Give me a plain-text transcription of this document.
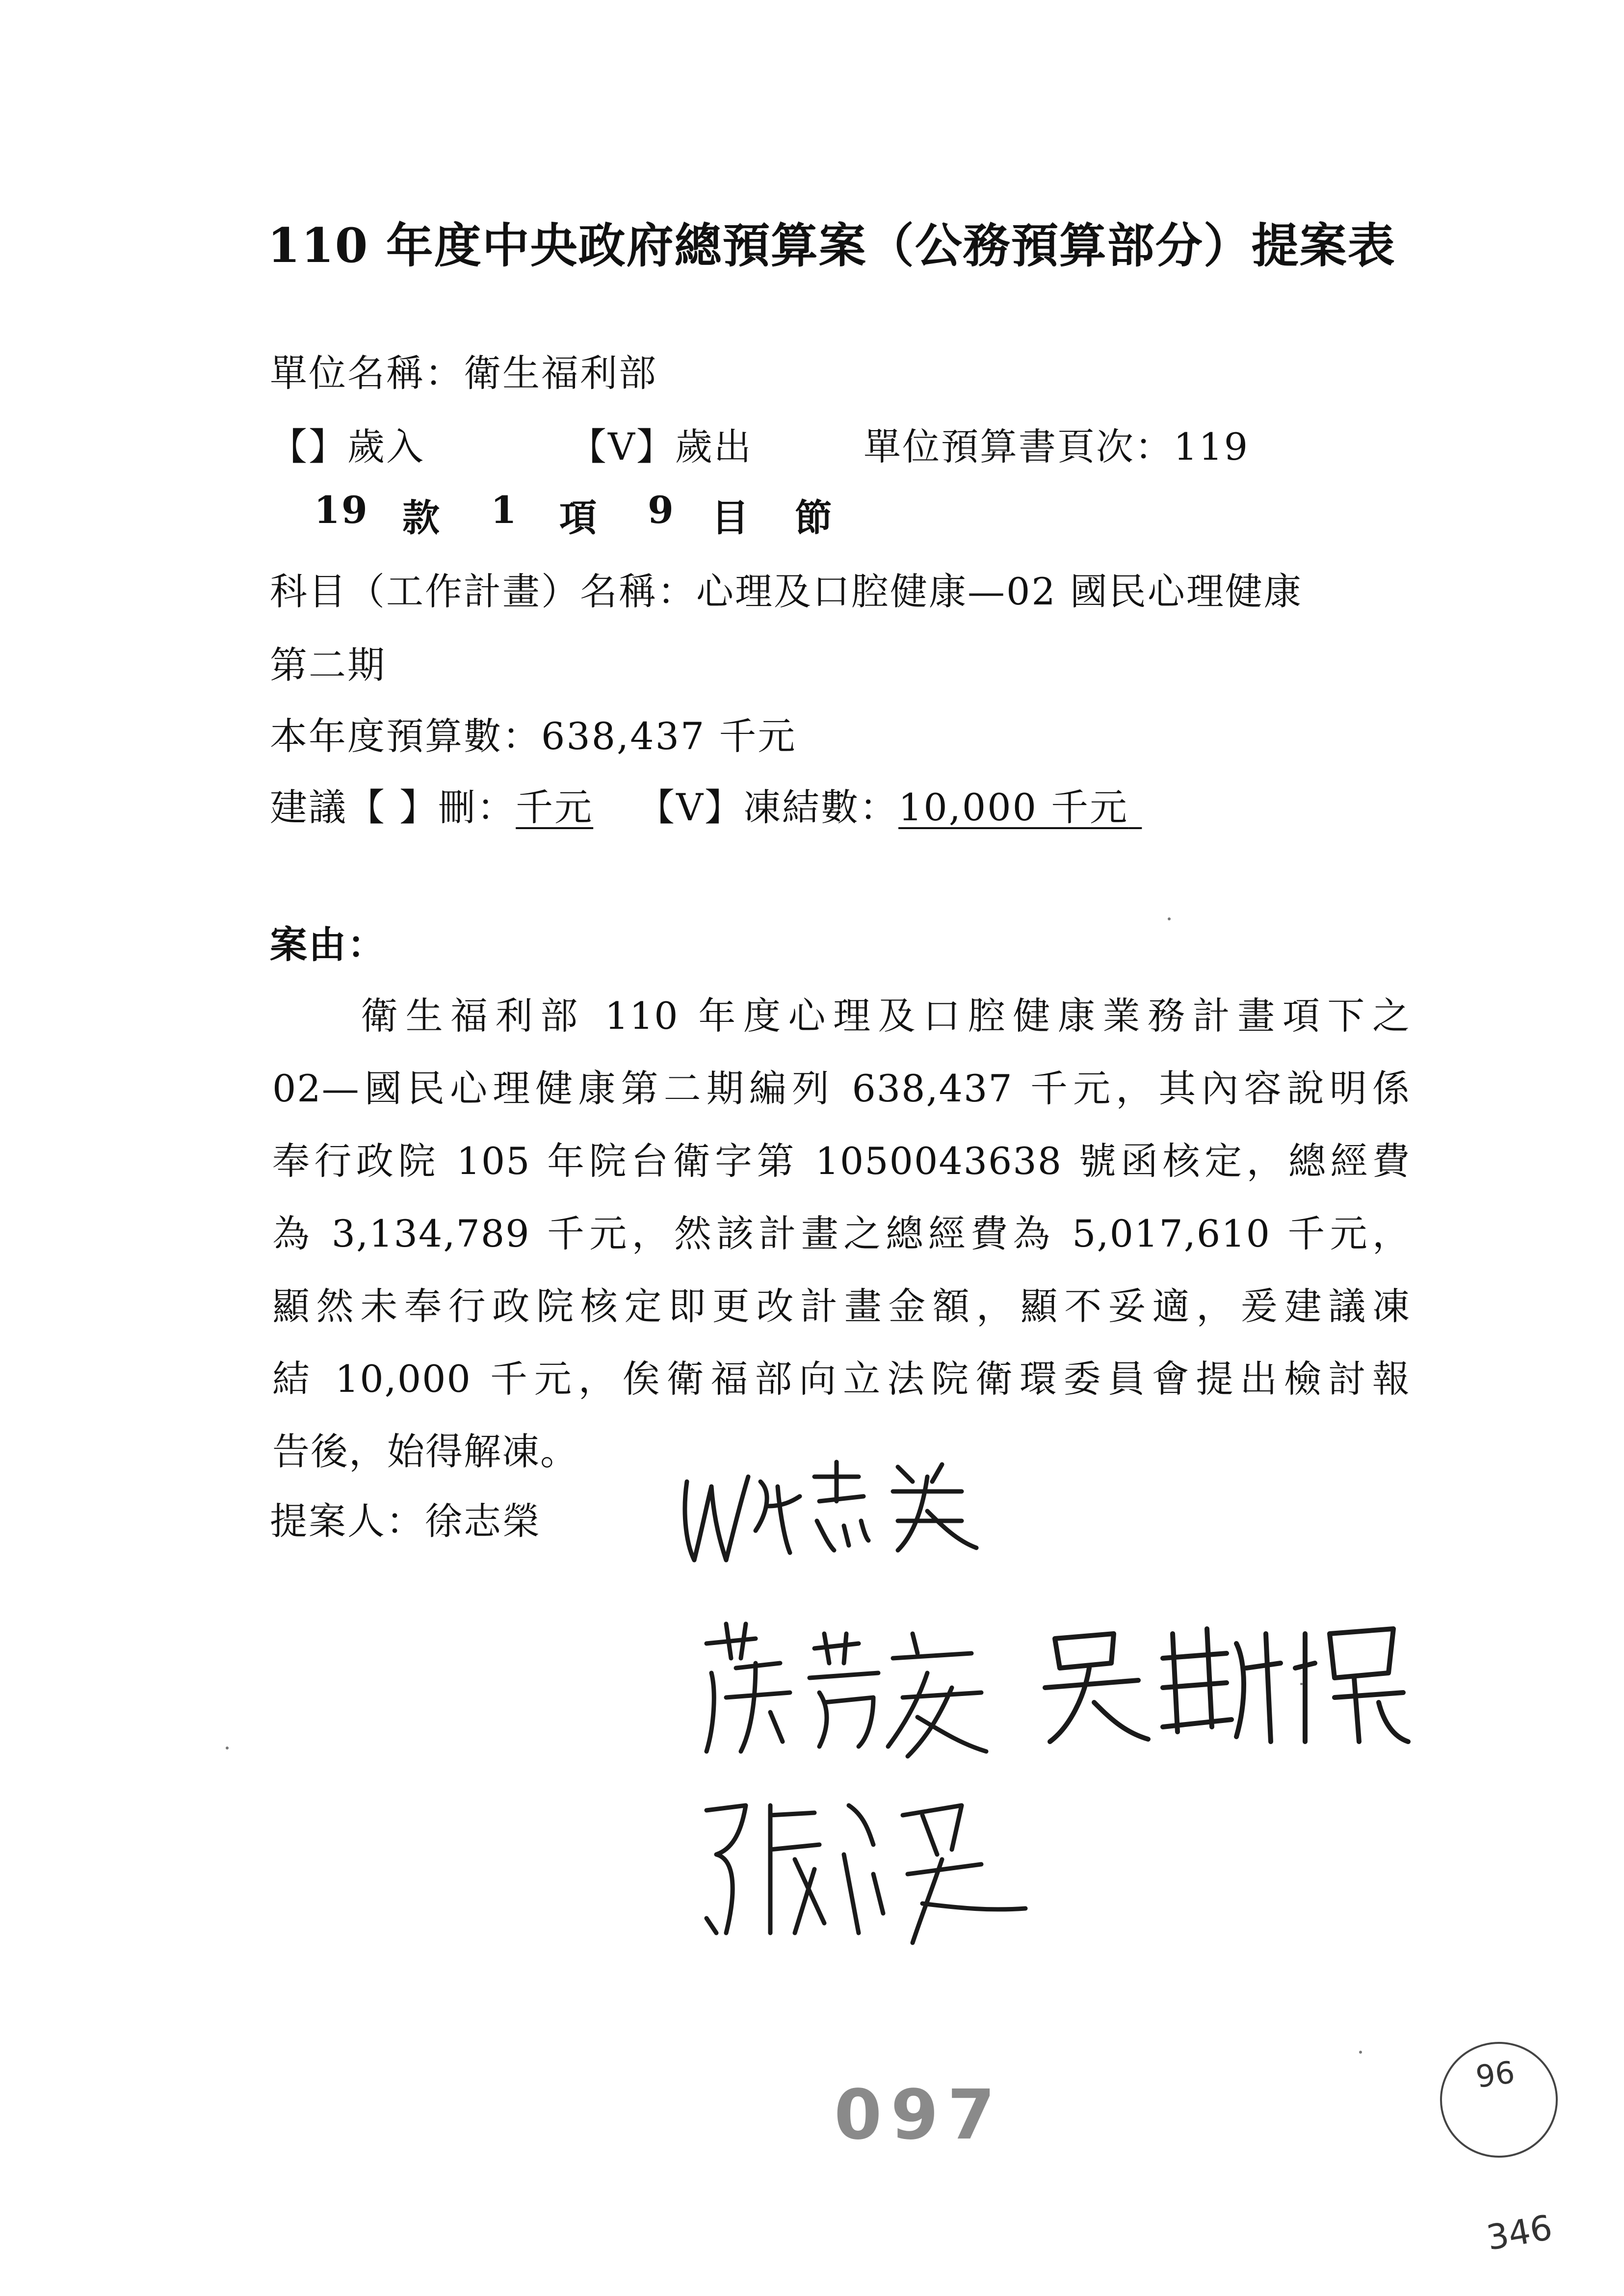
110 年度中央政府總預算案（公務預算部分）提案表
單位名稱：衛生福利部
【】歲入	【V】歲出	單位預算書頁次：119
19 款 1 項 9 目 節
科目（工作計畫）名稱：心理及口腔健康—02 國民心理健康
第二期
本年度預算數：638,437 千元
建議【 】刪：千元 【V】凍結數：10,000 千元
案由：
衛生福利部 110 年度心理及口腔健康業務計畫項下之
02—國民心理健康第二期編列 638,437 千元，其內容說明係
奉行政院 105 年院台衛字第 1050043638 號函核定，總經費
為 3,134,789 千元，然該計畫之總經費為 5,017,610 千元，
顯然未奉行政院核定即更改計畫金額，顯不妥適，爰建議凍
結 10,000 千元，俟衛福部向立法院衛環委員會提出檢討報
告後，始得解凍。
提案人：徐志榮
097
96
346
